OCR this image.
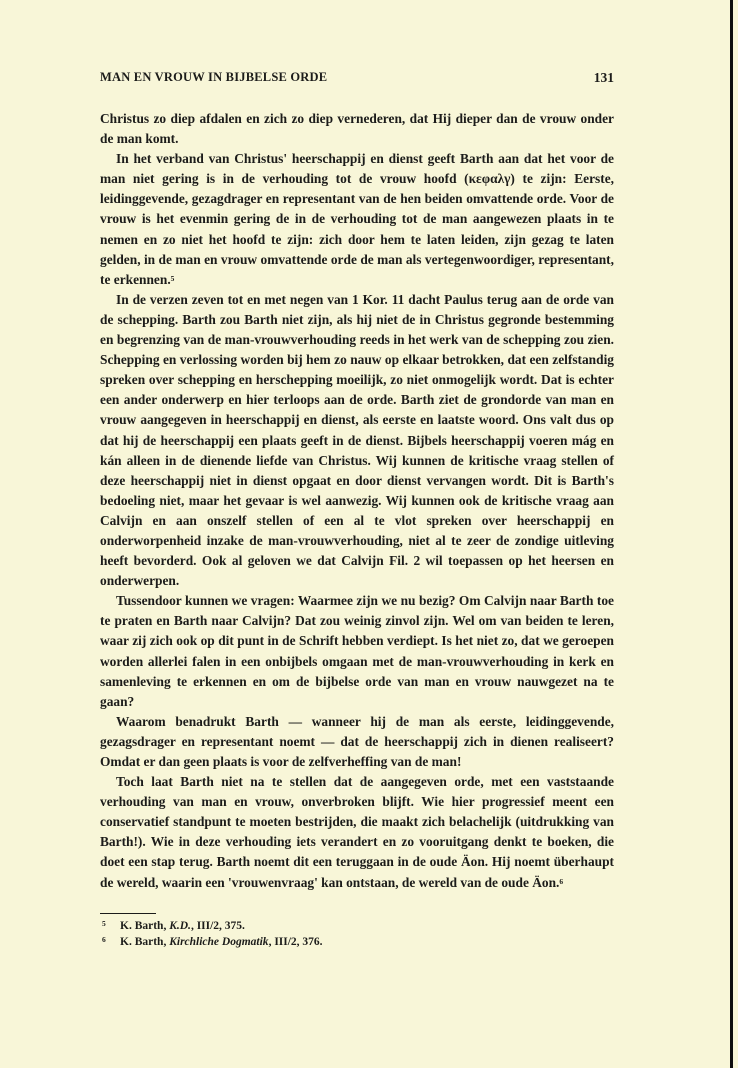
MAN EN VROUW IN BIJBELSE ORDE	131

Christus zo diep afdalen en zich zo diep vernederen, dat Hij dieper dan de vrouw onder de man komt.

In het verband van Christus' heerschappij en dienst geeft Barth aan dat het voor de man niet gering is in de verhouding tot de vrouw hoofd (κεφαλγ) te zijn: Eerste, leidinggevende, gezagdrager en representant van de hen beiden omvattende orde. Voor de vrouw is het evenmin gering de in de verhouding tot de man aangewezen plaats in te nemen en zo niet het hoofd te zijn: zich door hem te laten leiden, zijn gezag te laten gelden, in de man en vrouw omvattende orde de man als vertegenwoordiger, representant, te erkennen.$^5$

In de verzen zeven tot en met negen van 1 Kor. 11 dacht Paulus terug aan de orde van de schepping. Barth zou Barth niet zijn, als hij niet de in Christus gegronde bestemming en begrenzing van de man-vrouwverhouding reeds in het werk van de schepping zou zien. Schepping en verlossing worden bij hem zo nauw op elkaar betrokken, dat een zelfstandig spreken over schepping en herschepping moeilijk, zo niet onmogelijk wordt. Dat is echter een ander onderwerp en hier terloops aan de orde. Barth ziet de grondorde van man en vrouw aangegeven in heerschappij en dienst, als eerste en laatste woord. Ons valt dus op dat hij de heerschappij een plaats geeft in de dienst. Bijbels heerschappij voeren mág en kán alleen in de dienende liefde van Christus. Wij kunnen de kritische vraag stellen of deze heerschappij niet in dienst opgaat en door dienst vervangen wordt. Dit is Barth's bedoeling niet, maar het gevaar is wel aanwezig. Wij kunnen ook de kritische vraag aan Calvijn en aan onszelf stellen of een al te vlot spreken over heerschappij en onderworpenheid inzake de man-vrouwverhouding, niet al te zeer de zondige uitleving heeft bevorderd. Ook al geloven we dat Calvijn Fil. 2 wil toepassen op het heersen en onderwerpen.

Tussendoor kunnen we vragen: Waarmee zijn we nu bezig? Om Calvijn naar Barth toe te praten en Barth naar Calvijn? Dat zou weinig zinvol zijn. Wel om van beiden te leren, waar zij zich ook op dit punt in de Schrift hebben verdiept. Is het niet zo, dat we geroepen worden allerlei falen in een onbijbels omgaan met de man-vrouwverhouding in kerk en samenleving te erkennen en om de bijbelse orde van man en vrouw nauwgezet na te gaan?

Waarom benadrukt Barth — wanneer hij de man als eerste, leidinggevende, gezagsdrager en representant noemt — dat de heerschappij zich in dienen realiseert? Omdat er dan geen plaats is voor de zelfverheffing van de man!

Toch laat Barth niet na te stellen dat de aangegeven orde, met een vaststaande verhouding van man en vrouw, onverbroken blijft. Wie hier progressief meent een conservatief standpunt te moeten bestrijden, die maakt zich belachelijk (uitdrukking van Barth!). Wie in deze verhouding iets verandert en zo vooruitgang denkt te boeken, die doet een stap terug. Barth noemt dit een teruggaan in de oude Äon. Hij noemt überhaupt de wereld, waarin een 'vrouwenvraag' kan ontstaan, de wereld van de oude Äon.$^6$

5 K. Barth, K.D., III/2, 375.
6 K. Barth, Kirchliche Dogmatik, III/2, 376.
